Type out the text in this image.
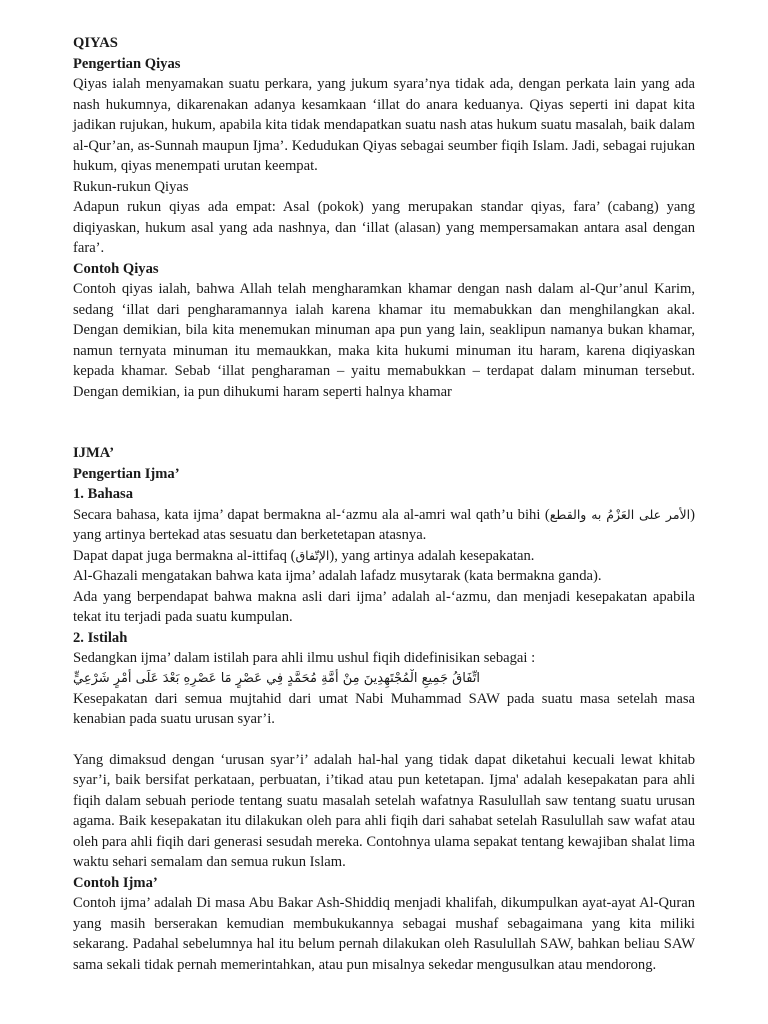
QIYAS
Pengertian Qiyas

Qiyas ialah menyamakan suatu perkara, yang jukum syara’nya tidak ada, dengan perkata lain yang ada nash hukumnya, dikarenakan adanya kesamkaan ‘illat do anara keduanya. Qiyas seperti ini dapat kita jadikan rujukan, hukum, apabila kita tidak mendapatkan suatu nash atas hukum suatu masalah, baik dalam al-Qur’an, as-Sunnah maupun Ijma’. Kedudukan Qiyas sebagai seumber fiqih Islam. Jadi, sebagai rujukan hukum, qiyas menempati urutan keempat.

Rukun-rukun Qiyas

Adapun rukun qiyas ada empat: Asal (pokok) yang merupakan standar qiyas, fara’ (cabang) yang diqiyaskan, hukum asal yang ada nashnya, dan ‘illat (alasan) yang mempersamakan antara asal dengan fara’.

Contoh Qiyas

Contoh qiyas ialah, bahwa Allah telah mengharamkan khamar dengan nash dalam al-Qur’anul Karim, sedang ‘illat dari pengharamannya ialah karena khamar itu memabukkan dan menghilangkan akal. Dengan demikian, bila kita menemukan minuman apa pun yang lain, seaklipun namanya bukan khamar, namun ternyata minuman itu memaukkan, maka kita hukumi minuman itu haram, karena diqiyaskan kepada khamar. Sebab ‘illat pengharaman – yaitu memabukkan – terdapat dalam minuman tersebut. Dengan demikian, ia pun dihukumi haram seperti halnya khamar

IJMA’
Pengertian Ijma’
1. Bahasa

Secara bahasa, kata ijma’ dapat bermakna al-‘azmu ala al-amri wal qath’u bihi (الأمر على العَزْمُ به والقطع) yang artinya bertekad atas sesuatu dan berketetapan atasnya.

Dapat dapat juga bermakna al-ittifaq (الإتّفاق), yang artinya adalah kesepakatan.

Al-Ghazali mengatakan bahwa kata ijma’ adalah lafadz musytarak (kata bermakna ganda).

Ada yang berpendapat bahwa makna asli dari ijma’ adalah al-‘azmu, dan menjadi kesepakatan apabila tekat itu terjadi pada suatu kumpulan.

2. Istilah

Sedangkan ijma’ dalam istilah para ahli ilmu ushul fiqih didefinisikan sebagai :

اتِّفَاقُ جَمِيعِ الْمُجْتَهِدِينَ مِنْ أُمَّةِ مُحَمَّدٍ فِي عَصْرٍ مَا عَصْرِهِ بَعْدَ عَلَى أَمْرٍ شَرْعِيٍّ

Kesepakatan dari semua mujtahid dari umat Nabi Muhammad SAW pada suatu masa setelah masa kenabian pada suatu urusan syar’i.

Yang dimaksud dengan ‘urusan syar’i’ adalah hal-hal yang tidak dapat diketahui kecuali lewat khitab syar’i, baik bersifat perkataan, perbuatan, i’tikad atau pun ketetapan. Ijma' adalah kesepakatan para ahli fiqih dalam sebuah periode tentang suatu masalah setelah wafatnya Rasulullah saw tentang suatu urusan agama. Baik kesepakatan itu dilakukan oleh para ahli fiqih dari sahabat setelah Rasulullah saw wafat atau oleh para ahli fiqih dari generasi sesudah mereka. Contohnya ulama sepakat tentang kewajiban shalat lima waktu sehari semalam dan semua rukun Islam.

Contoh Ijma’

Contoh ijma’ adalah Di masa Abu Bakar Ash-Shiddiq menjadi khalifah, dikumpulkan ayat-ayat Al-Quran yang masih berserakan kemudian membukukannya sebagai mushaf sebagaimana yang kita miliki sekarang. Padahal sebelumnya hal itu belum pernah dilakukan oleh Rasulullah SAW, bahkan beliau SAW sama sekali tidak pernah memerintahkan, atau pun misalnya sekedar mengusulkan atau mendorong.
